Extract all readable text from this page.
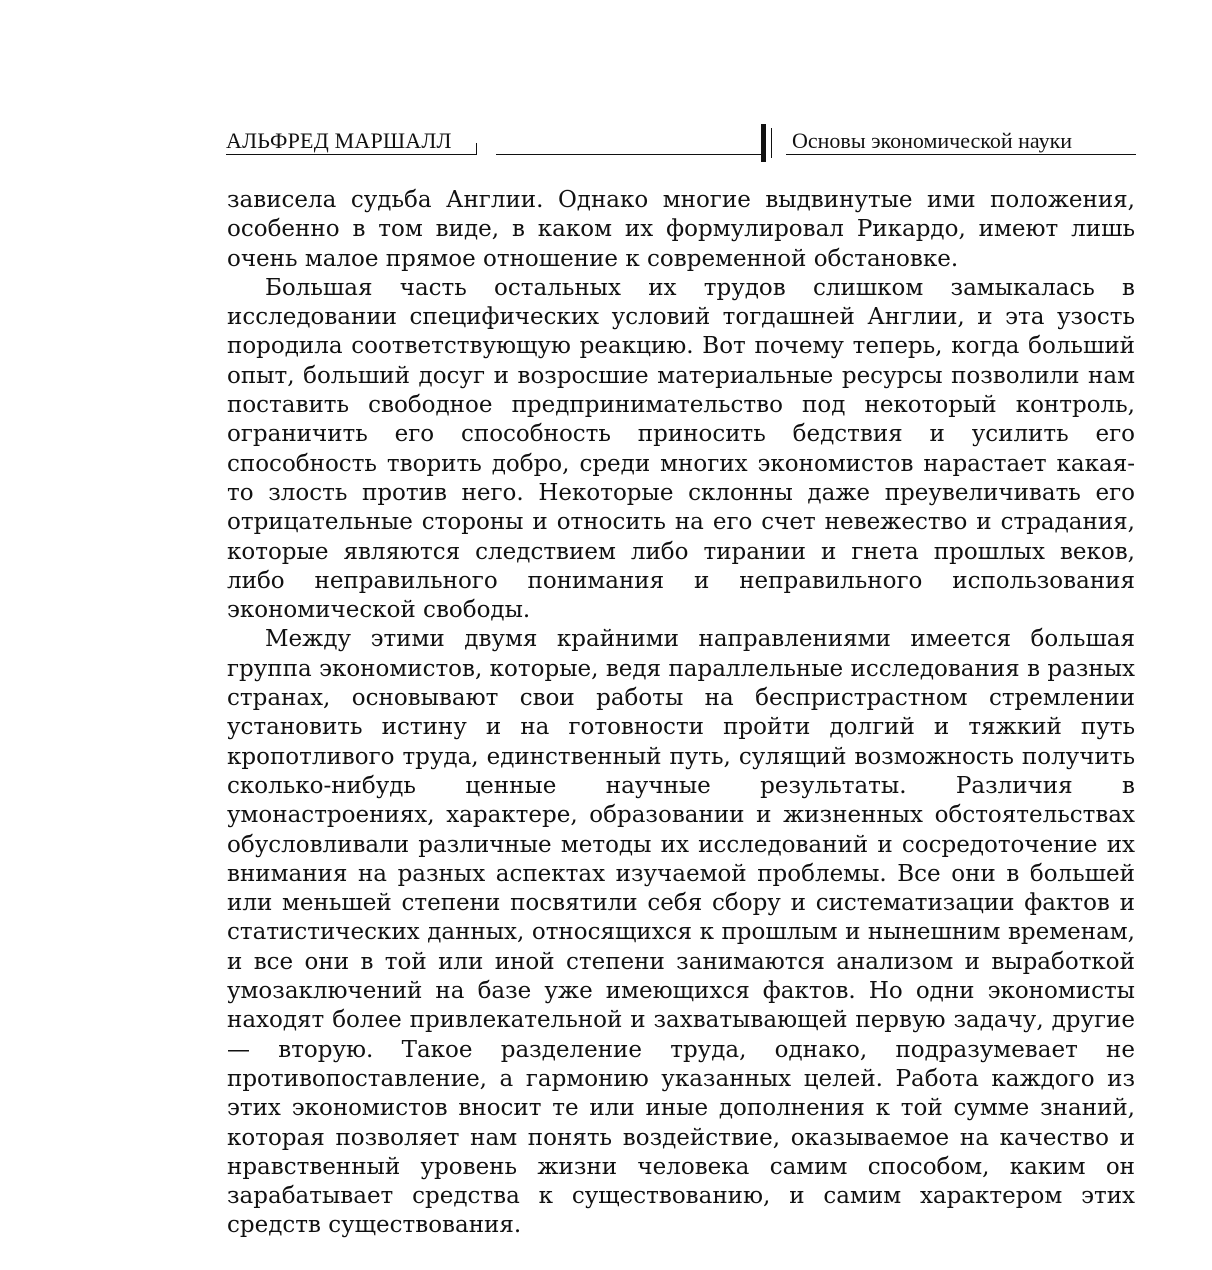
АЛЬФРЕД МАРШАЛЛ	Основы экономической науки

зависела судьба Англии. Однако многие выдвинутые ими положения, особенно в том виде, в каком их формулировал Рикардо, имеют лишь очень малое прямое отношение к современной обстановке.

Большая часть остальных их трудов слишком замыкалась в исследовании специфических условий тогдашней Англии, и эта узость породила соответствующую реакцию. Вот почему теперь, когда больший опыт, больший досуг и возросшие материальные ресурсы позволили нам поставить свободное предпринимательство под некоторый контроль, ограничить его способность приносить бедствия и усилить его способность творить добро, среди многих экономистов нарастает какая-то злость против него. Некоторые склонны даже преувеличивать его отрицательные стороны и относить на его счет невежество и страдания, которые являются следствием либо тирании и гнета прошлых веков, либо неправильного понимания и неправильного использования экономической свободы.

Между этими двумя крайними направлениями имеется большая группа экономистов, которые, ведя параллельные исследования в разных странах, основывают свои работы на беспристрастном стремлении установить истину и на готовности пройти долгий и тяжкий путь кропотливого труда, единственный путь, сулящий возможность получить сколько-нибудь ценные научные результаты. Различия в умонастроениях, характере, образовании и жизненных обстоятельствах обусловливали различные методы их исследований и сосредоточение их внимания на разных аспектах изучаемой проблемы. Все они в большей или меньшей степени посвятили себя сбору и систематизации фактов и статистических данных, относящихся к прошлым и нынешним временам, и все они в той или иной степени занимаются анализом и выработкой умозаключений на базе уже имеющихся фактов. Но одни экономисты находят более привлекательной и захватывающей первую задачу, другие — вторую. Такое разделение труда, однако, подразумевает не противопоставление, а гармонию указанных целей. Работа каждого из этих экономистов вносит те или иные дополнения к той сумме знаний, которая позволяет нам понять воздействие, оказываемое на качество и нравственный уровень жизни человека самим способом, каким он зарабатывает средства к существованию, и самим характером этих средств существования.
